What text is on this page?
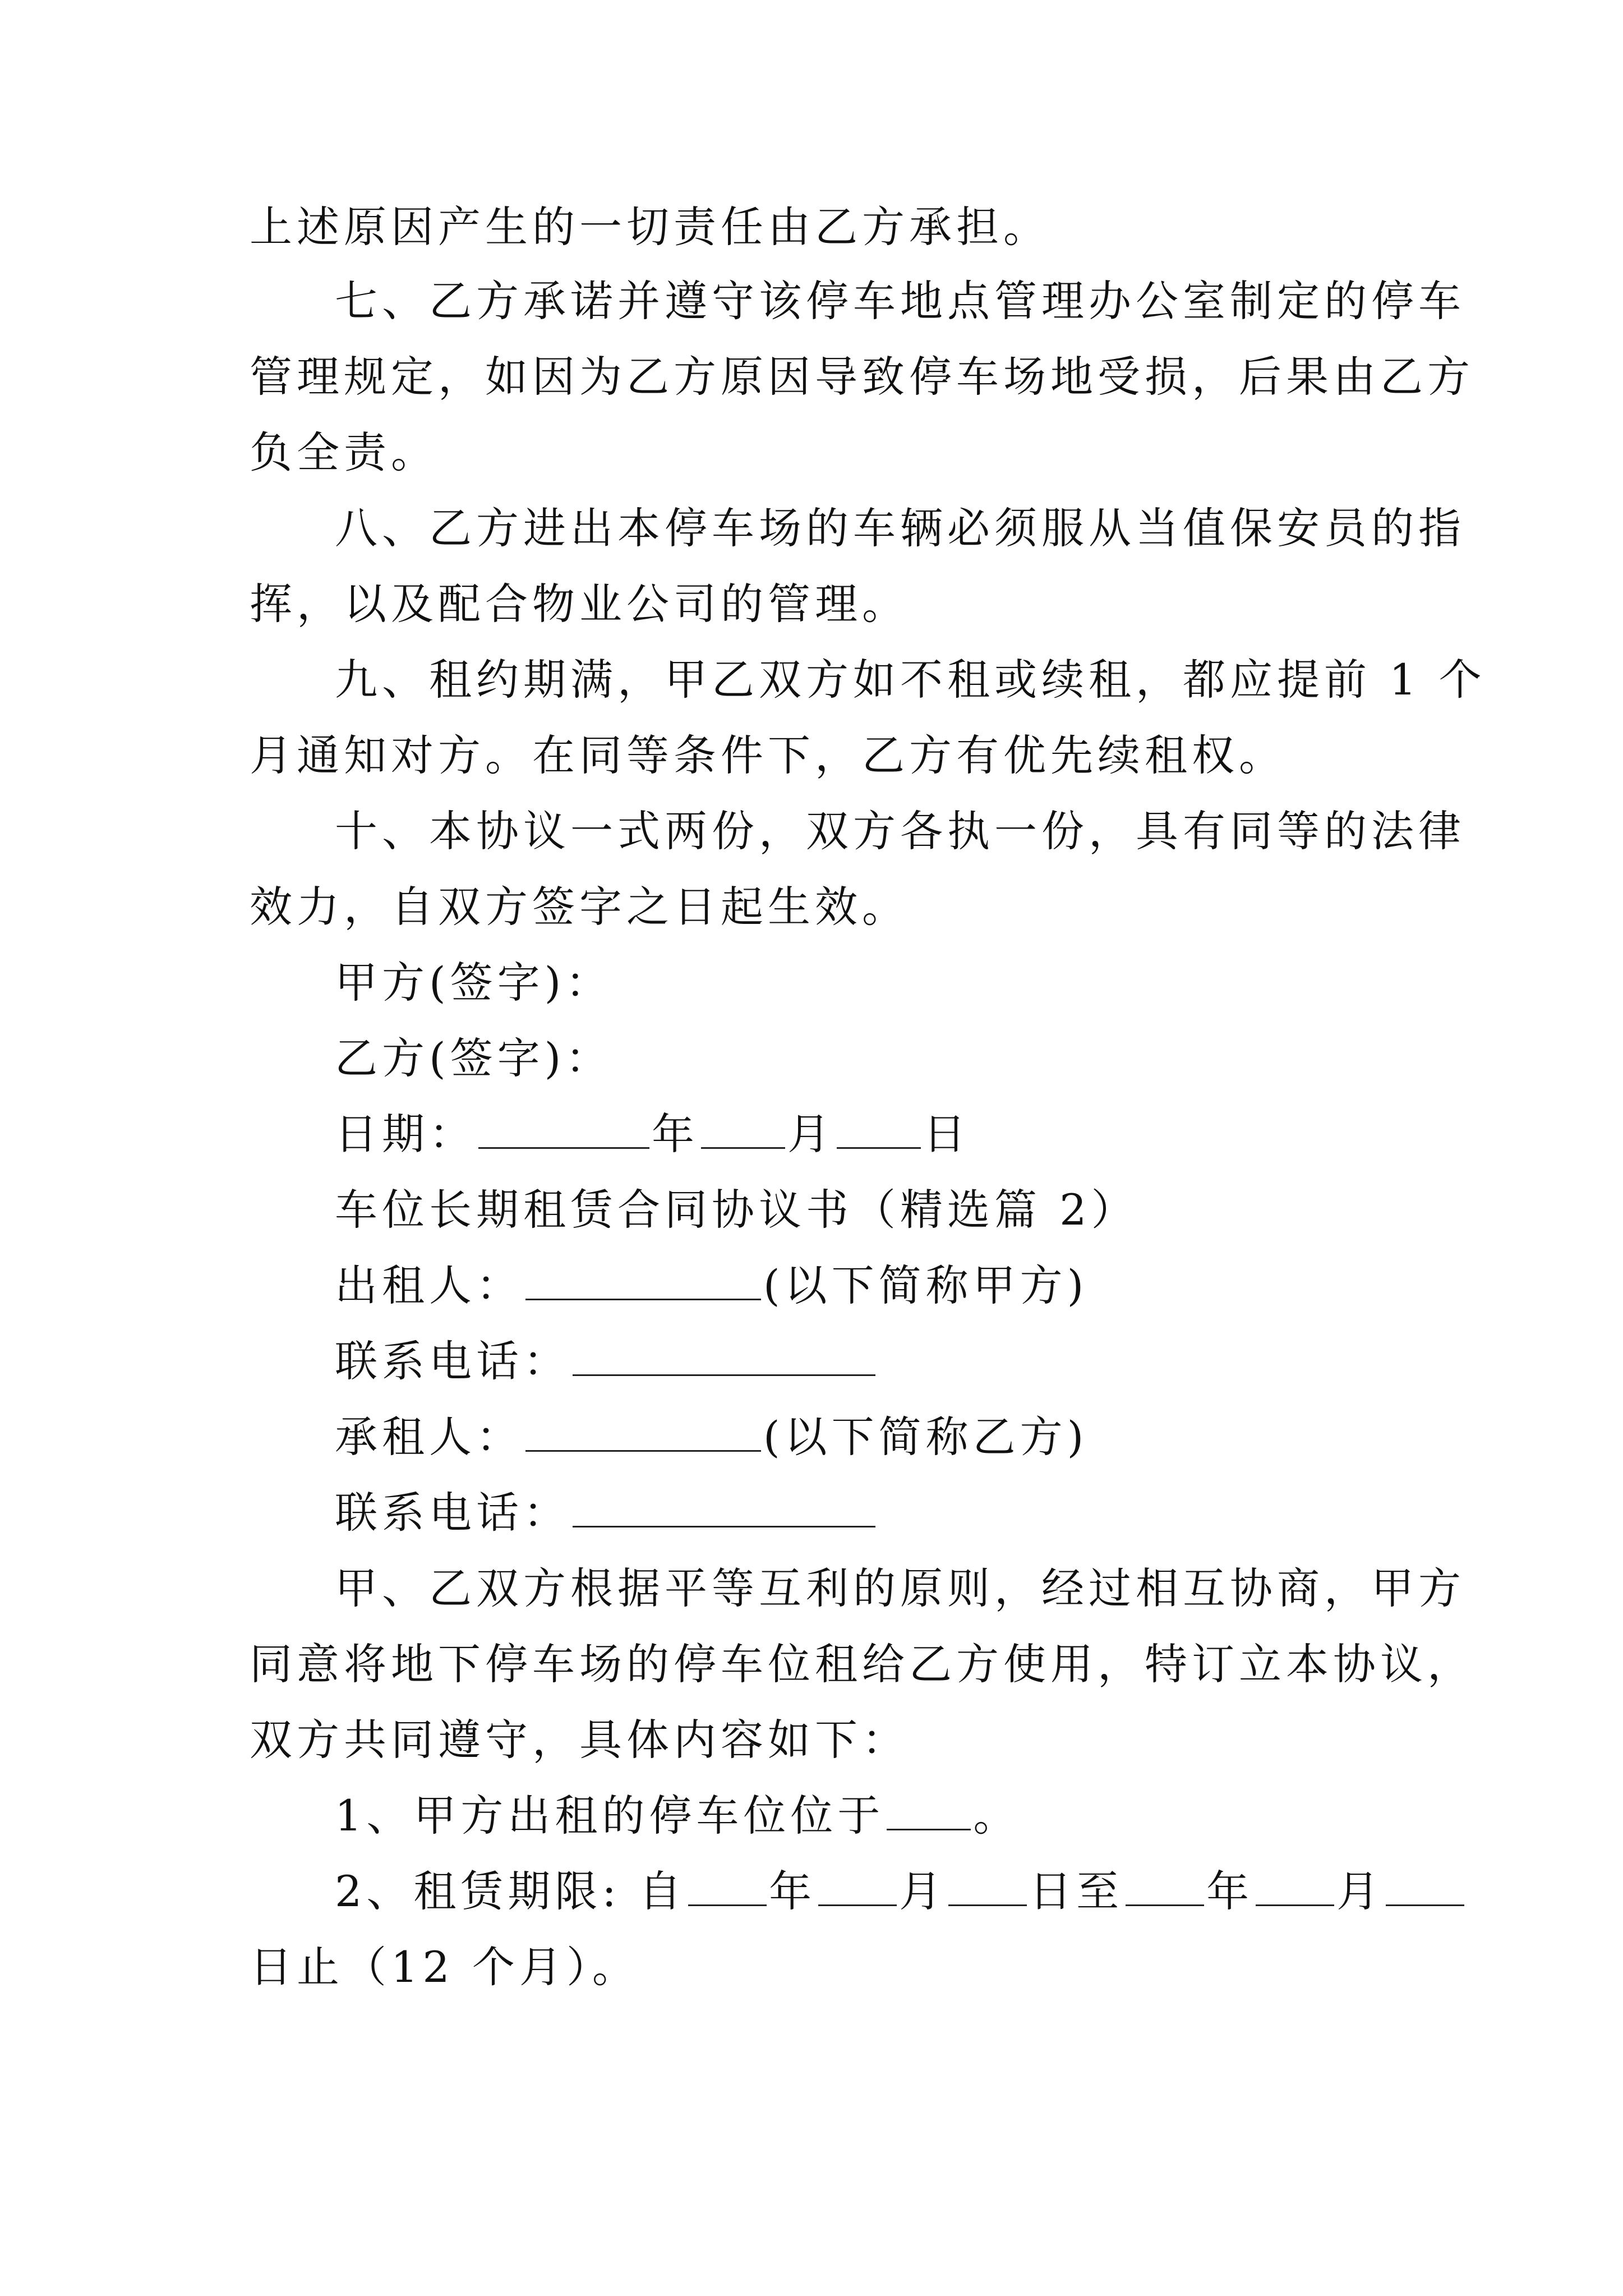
上述原因产生的一切责任由乙方承担。
七、乙方承诺并遵守该停车地点管理办公室制定的停车
管理规定，如因为乙方原因导致停车场地受损，后果由乙方
负全责。
八、乙方进出本停车场的车辆必须服从当值保安员的指
挥，以及配合物业公司的管理。
九、租约期满，甲乙双方如不租或续租，都应提前 1 个
月通知对方。在同等条件下，乙方有优先续租权。
十、本协议一式两份，双方各执一份，具有同等的法律
效力，自双方签字之日起生效。
甲方(签字)：
乙方(签字)：
日期：	年 月 日
车位长期租赁合同协议书（精选篇 2）
出租人：	(以下简称甲方)
联系电话：
承租人：	(以下简称乙方)
联系电话：
甲、乙双方根据平等互利的原则，经过相互协商，甲方
同意将地下停车场的停车位租给乙方使用，特订立本协议，
双方共同遵守，具体内容如下：
1、甲方出租的停车位位于 。
2、租赁期限: 自 年 月 日至 年 月
日止（12 个月）。
